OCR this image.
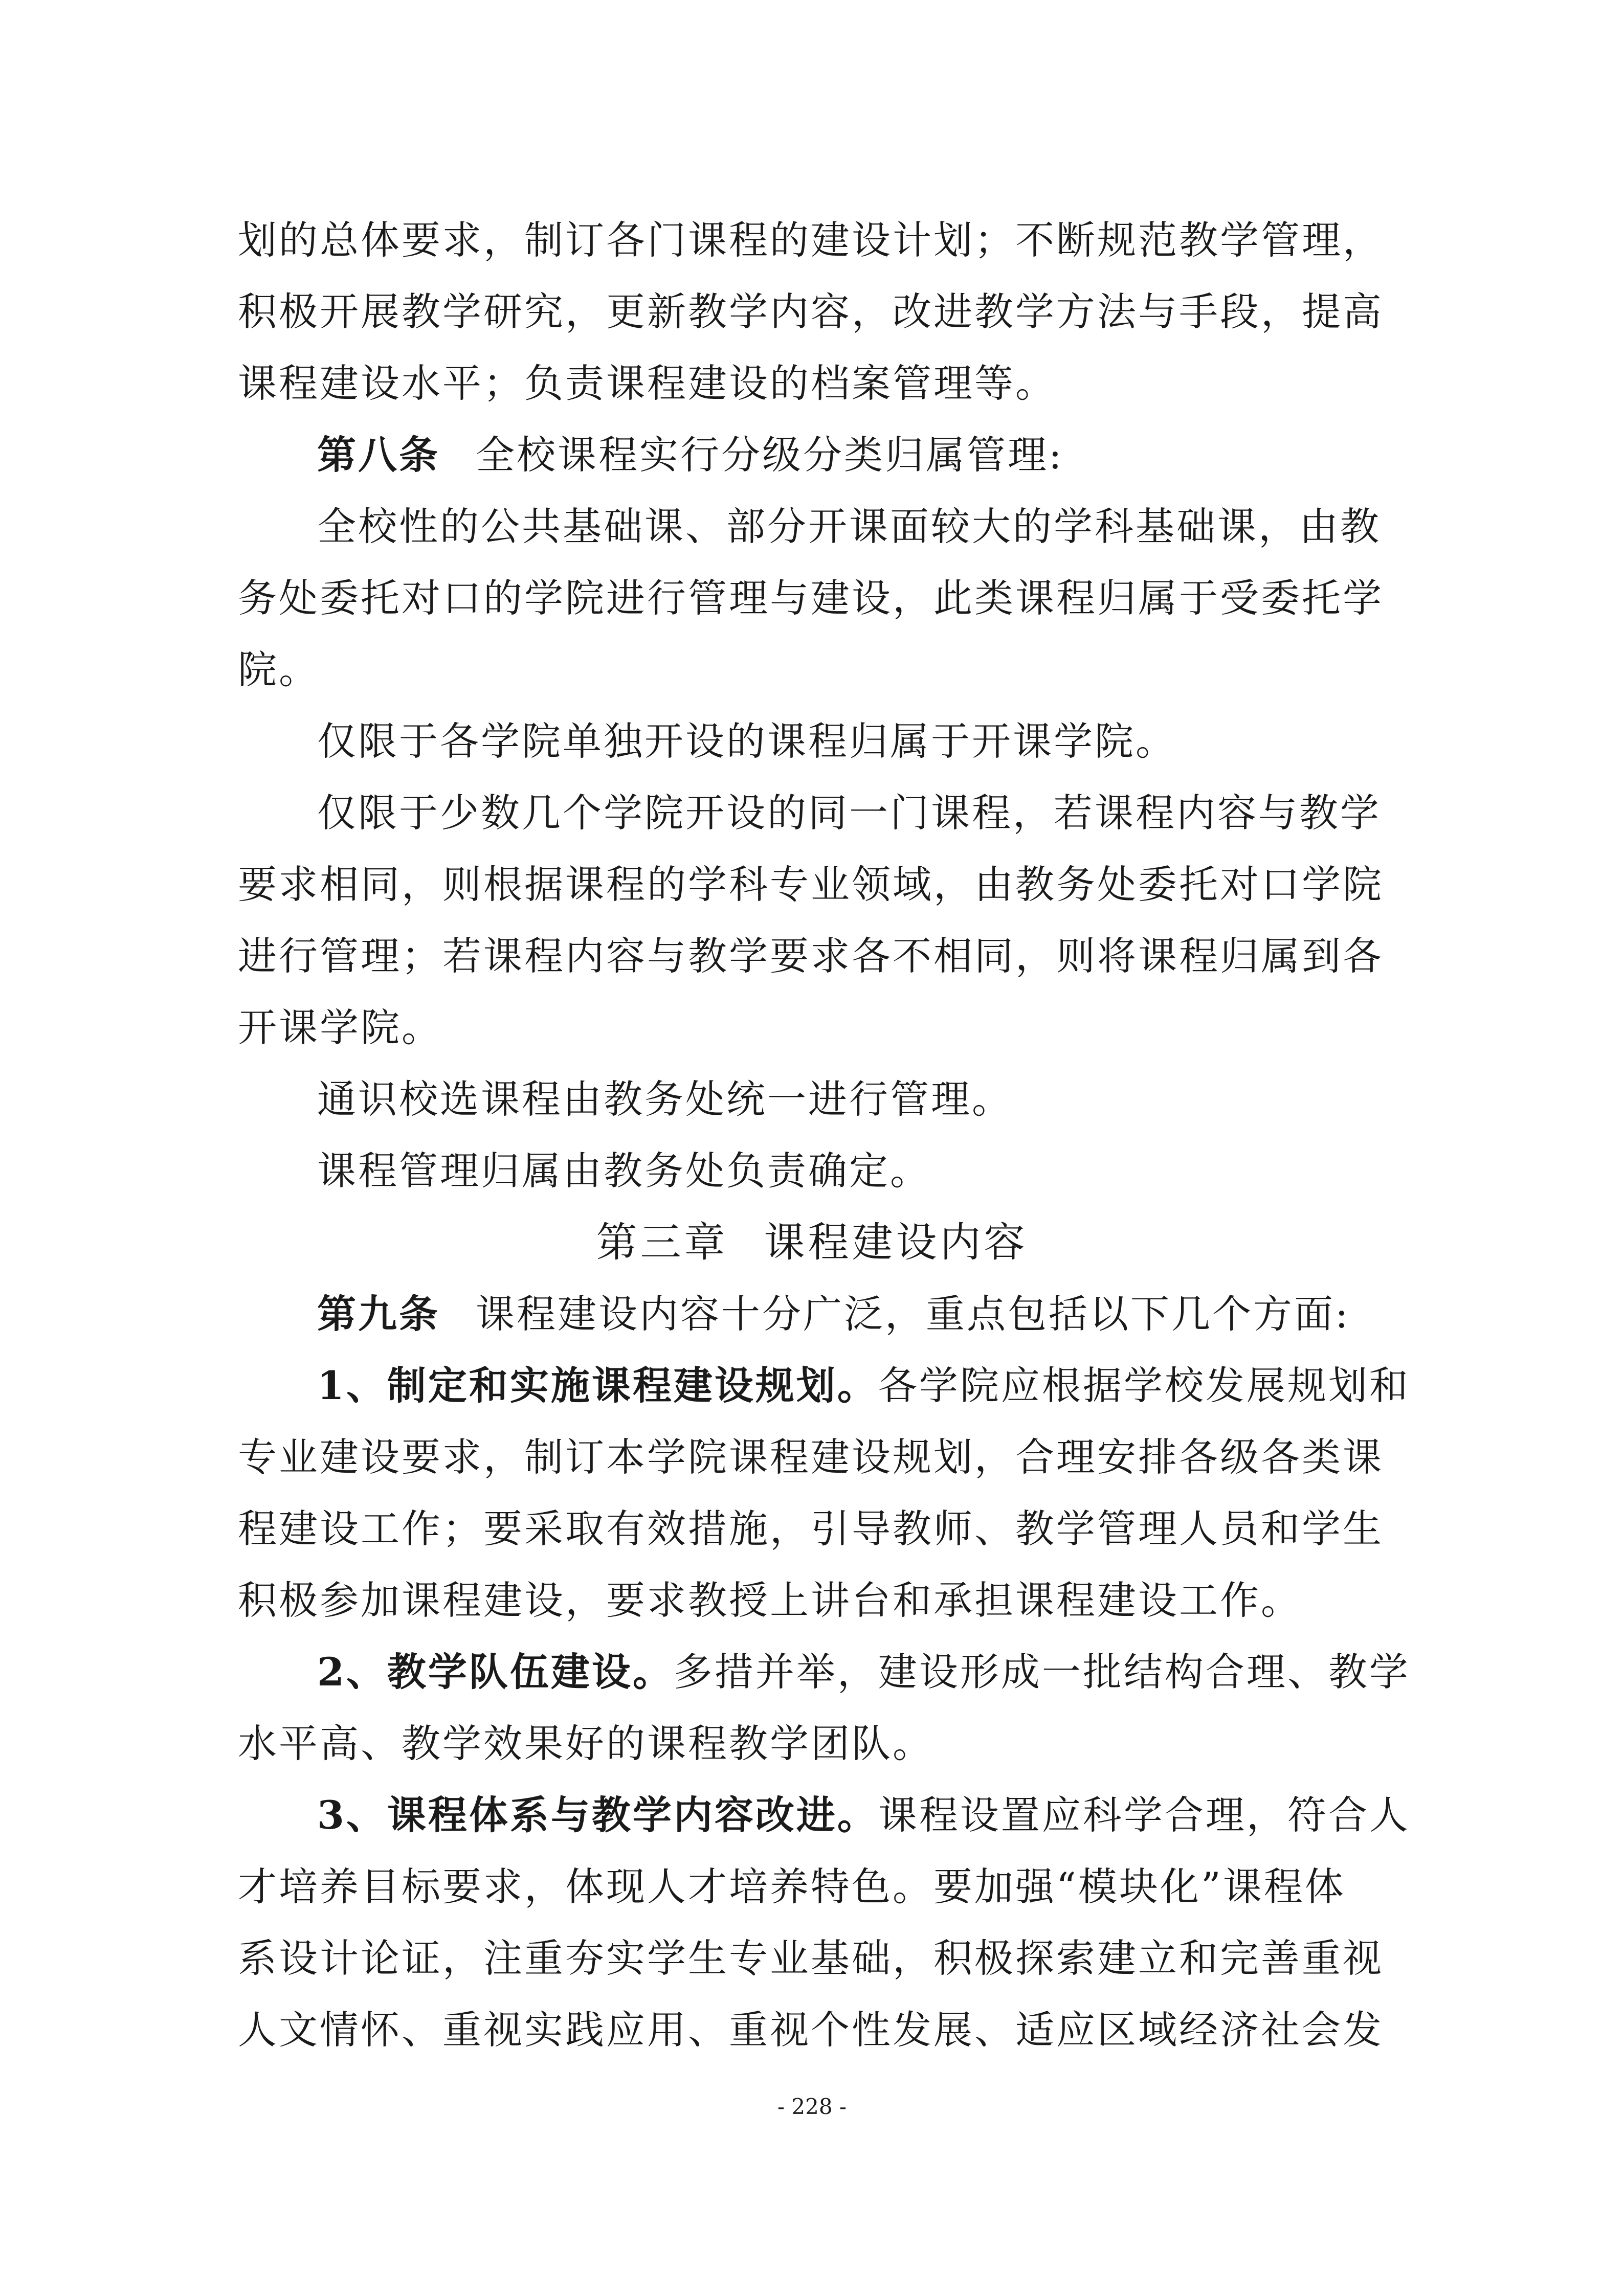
划的总体要求，制订各门课程的建设计划；不断规范教学管理，
积极开展教学研究，更新教学内容，改进教学方法与手段，提高
课程建设水平；负责课程建设的档案管理等。
第八条 全校课程实行分级分类归属管理:
全校性的公共基础课、部分开课面较大的学科基础课，由教
务处委托对口的学院进行管理与建设，此类课程归属于受委托学
院。
仅限于各学院单独开设的课程归属于开课学院。
仅限于少数几个学院开设的同一门课程，若课程内容与教学
要求相同，则根据课程的学科专业领域，由教务处委托对口学院
进行管理；若课程内容与教学要求各不相同，则将课程归属到各
开课学院。
通识校选课程由教务处统一进行管理。
课程管理归属由教务处负责确定。
第三章 课程建设内容
第九条 课程建设内容十分广泛，重点包括以下几个方面:
1、制定和实施课程建设规划。各学院应根据学校发展规划和
专业建设要求，制订本学院课程建设规划，合理安排各级各类课
程建设工作；要采取有效措施，引导教师、教学管理人员和学生
积极参加课程建设，要求教授上讲台和承担课程建设工作。
2、教学队伍建设。多措并举，建设形成一批结构合理、教学
水平高、教学效果好的课程教学团队。
3、课程体系与教学内容改进。课程设置应科学合理，符合人
才培养目标要求，体现人才培养特色。要加强“模块化”课程体
系设计论证，注重夯实学生专业基础，积极探索建立和完善重视
人文情怀、重视实践应用、重视个性发展、适应区域经济社会发
- 228 -
